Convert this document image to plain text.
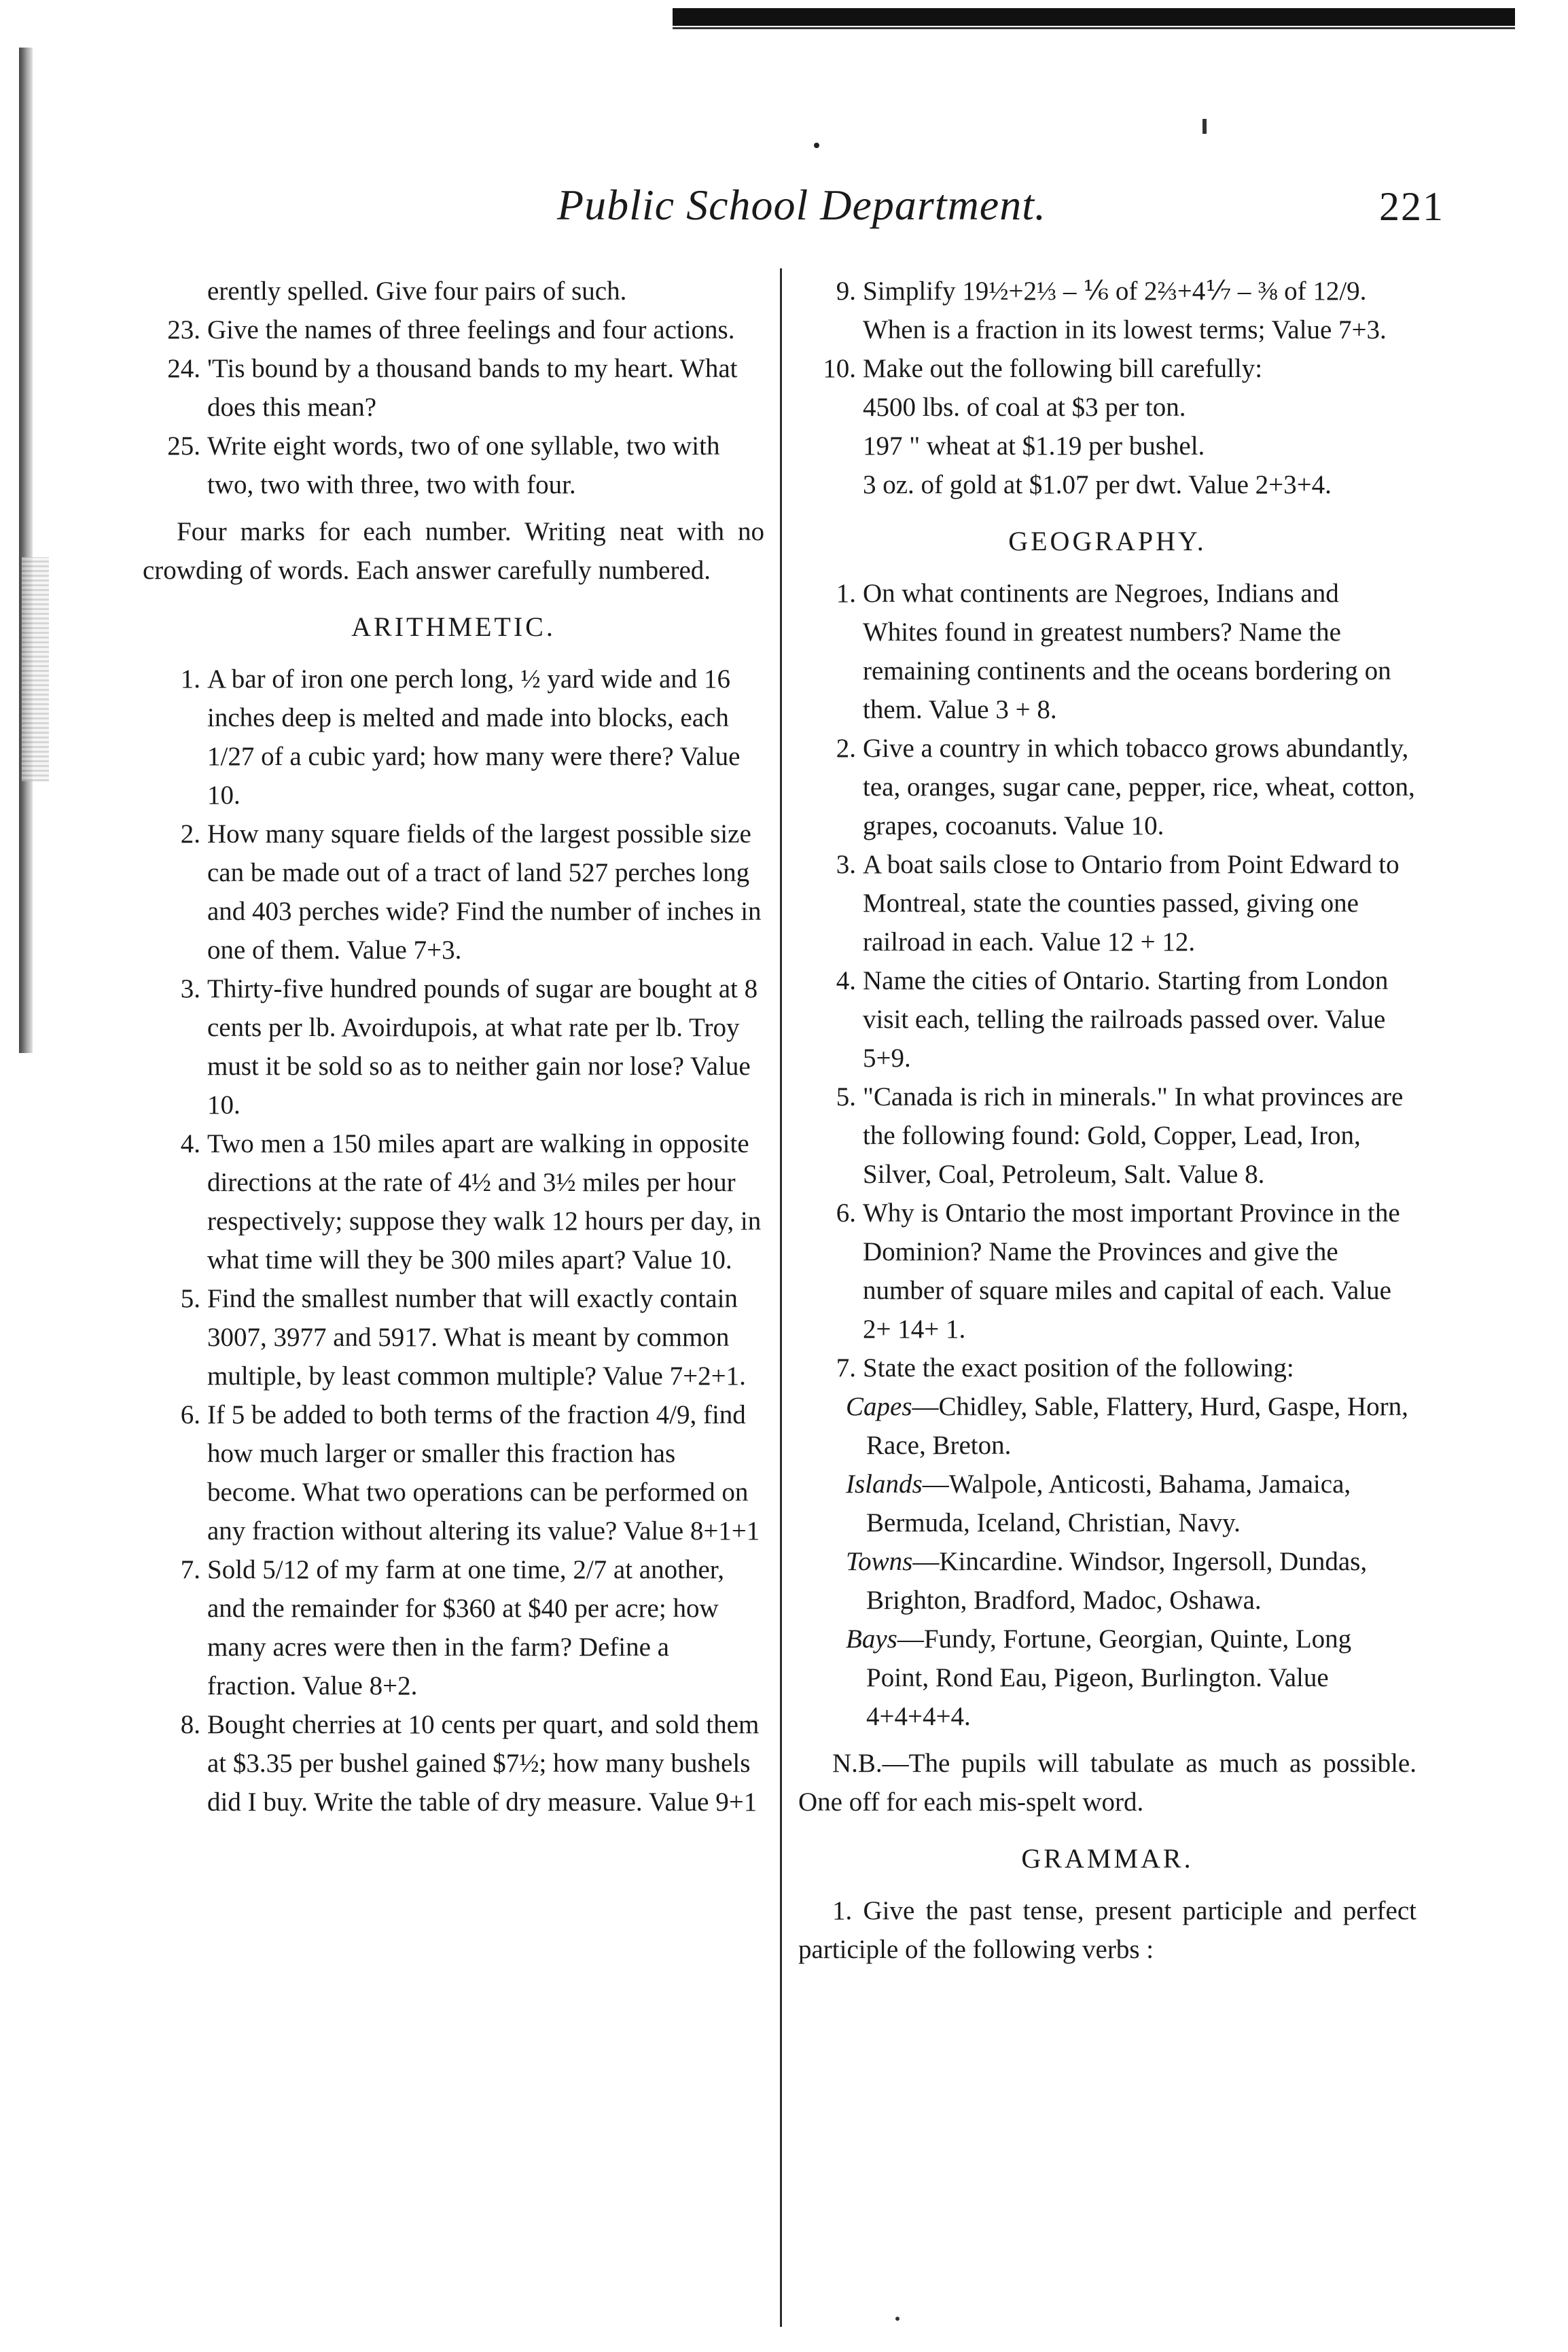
Public School Department.	221
erently spelled. Give four pairs of such.
23. Give the names of three feelings and four actions.
24. 'Tis bound by a thousand bands to my heart. What does this mean?
25. Write eight words, two of one syllable, two with two, two with three, two with four.
Four marks for each number. Writing neat with no crowding of words. Each answer carefully numbered.
ARITHMETIC.
1. A bar of iron one perch long, ½ yard wide and 16 inches deep is melted and made into blocks, each 1/27 of a cubic yard; how many were there? Value 10.
2. How many square fields of the largest possible size can be made out of a tract of land 527 perches long and 403 perches wide? Find the number of inches in one of them. Value 7+3.
3. Thirty-five hundred pounds of sugar are bought at 8 cents per lb. Avoirdupois, at what rate per lb. Troy must it be sold so as to neither gain nor lose? Value 10.
4. Two men a 150 miles apart are walking in opposite directions at the rate of 4½ and 3½ miles per hour respectively; suppose they walk 12 hours per day, in what time will they be 300 miles apart? Value 10.
5. Find the smallest number that will exactly contain 3007, 3977 and 5917. What is meant by common multiple, by least common multiple? Value 7+2+1.
6. If 5 be added to both terms of the fraction 4/9, find how much larger or smaller this fraction has become. What two operations can be performed on any fraction without altering its value? Value 8+1+1
7. Sold 5/12 of my farm at one time, 2/7 at another, and the remainder for $360 at $40 per acre; how many acres were then in the farm? Define a fraction. Value 8+2.
8. Bought cherries at 10 cents per quart, and sold them at $3.35 per bushel gained $7½; how many bushels did I buy. Write the table of dry measure. Value 9+1
9. Simplify 19½+2⅓ – ⅙ of 2⅔+4⅐ – ⅜ of 12/9. When is a fraction in its lowest terms; Value 7+3.
10. Make out the following bill carefully:
4500 lbs. of coal at $3 per ton.
197 " wheat at $1.19 per bushel.
3 oz. of gold at $1.07 per dwt. Value 2+3+4.
GEOGRAPHY.
1. On what continents are Negroes, Indians and Whites found in greatest numbers? Name the remaining continents and the oceans bordering on them. Value 3 + 8.
2. Give a country in which tobacco grows abundantly, tea, oranges, sugar cane, pepper, rice, wheat, cotton, grapes, cocoanuts. Value 10.
3. A boat sails close to Ontario from Point Edward to Montreal, state the counties passed, giving one railroad in each. Value 12 + 12.
4. Name the cities of Ontario. Starting from London visit each, telling the railroads passed over. Value 5+9.
5. "Canada is rich in minerals." In what provinces are the following found: Gold, Copper, Lead, Iron, Silver, Coal, Petroleum, Salt. Value 8.
6. Why is Ontario the most important Province in the Dominion? Name the Provinces and give the number of square miles and capital of each. Value 2+ 14+ 1.
7. State the exact position of the following:
Capes—Chidley, Sable, Flattery, Hurd, Gaspe, Horn, Race, Breton.
Islands—Walpole, Anticosti, Bahama, Jamaica, Bermuda, Iceland, Christian, Navy.
Towns—Kincardine. Windsor, Ingersoll, Dundas, Brighton, Bradford, Madoc, Oshawa.
Bays—Fundy, Fortune, Georgian, Quinte, Long Point, Rond Eau, Pigeon, Burlington. Value 4+4+4+4.
N.B.—The pupils will tabulate as much as possible. One off for each mis-spelt word.
GRAMMAR.
1. Give the past tense, present participle and perfect participle of the following verbs :
